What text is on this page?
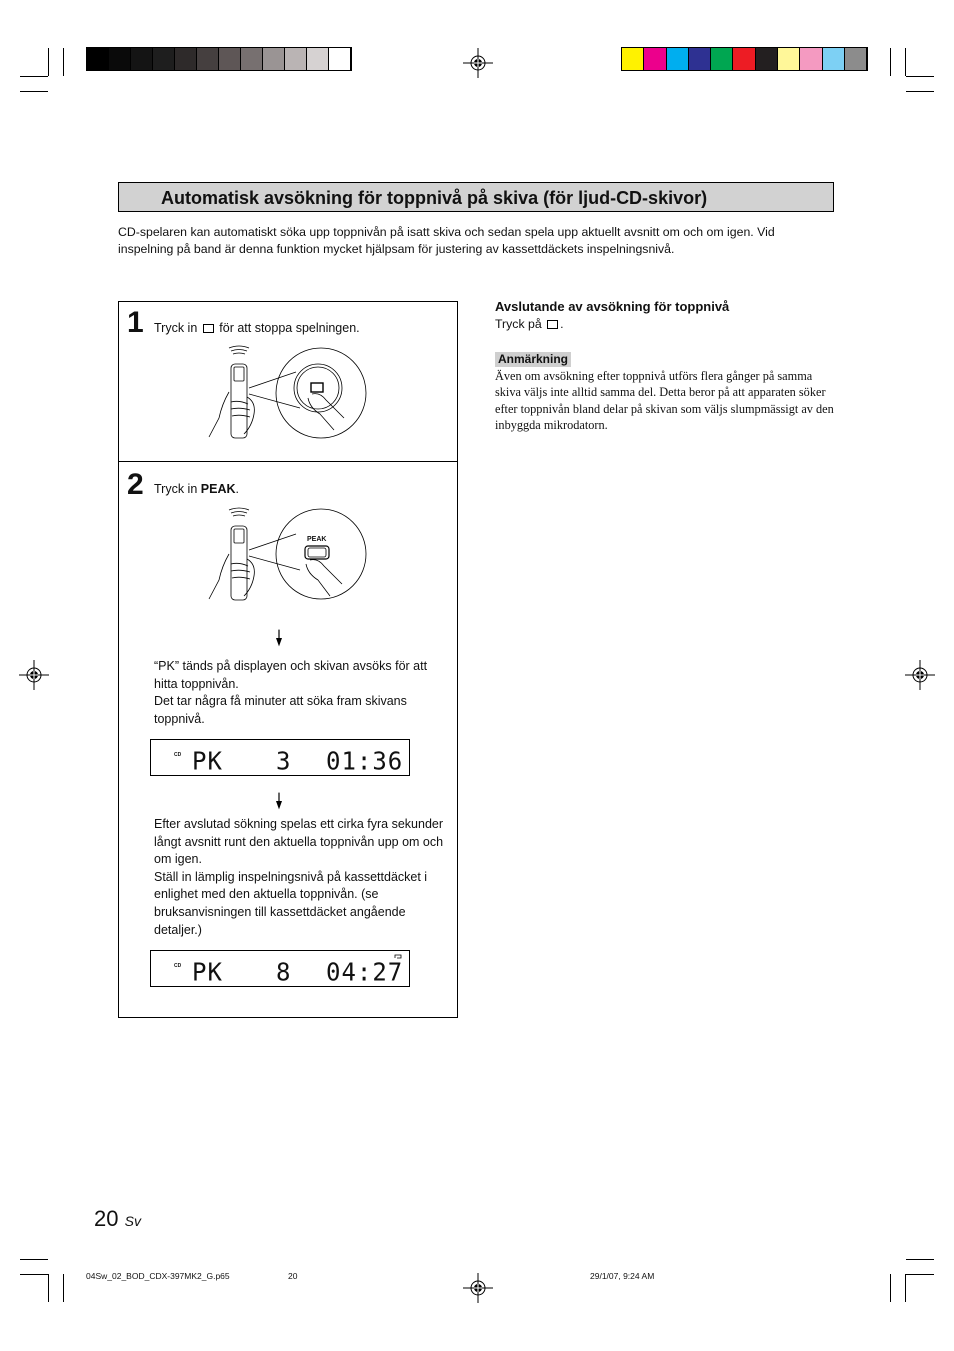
Automatisk avsökning för toppnivå på skiva (för ljud-CD-skivor)
CD-spelaren kan automatiskt söka upp toppnivån på isatt skiva och sedan spela upp aktuellt avsnitt om och om igen. Vid inspelning på band är denna funktion mycket hjälpsam för justering av kassettdäckets inspelningsnivå.
1 Tryck in för att stoppa spelningen.
2 Tryck in PEAK.
PEAK
“PK” tänds på displayen och skivan avsöks för att hitta toppnivån.
Det tar några få minuter att söka fram skivans toppnivå.
CD PK 3 01:36
Efter avslutad sökning spelas ett cirka fyra sekunder långt avsnitt runt den aktuella toppnivån upp om och om igen.
Ställ in lämplig inspelningsnivå på kassettdäcket i enlighet med den aktuella toppnivån. (se bruksanvisningen till kassettdäcket angående detaljer.)
CD PK 8 04:27
Avslutande av avsökning för toppnivå
Tryck på .
Anmärkning
Även om avsökning efter toppnivå utförs flera gånger på samma skiva väljs inte alltid samma del. Detta beror på att apparaten söker efter toppnivån bland delar på skivan som väljs slumpmässigt av den inbyggda mikrodatorn.
20 Sv
04Sw_02_BOD_CDX-397MK2_G.p65	20	29/1/07, 9:24 AM
